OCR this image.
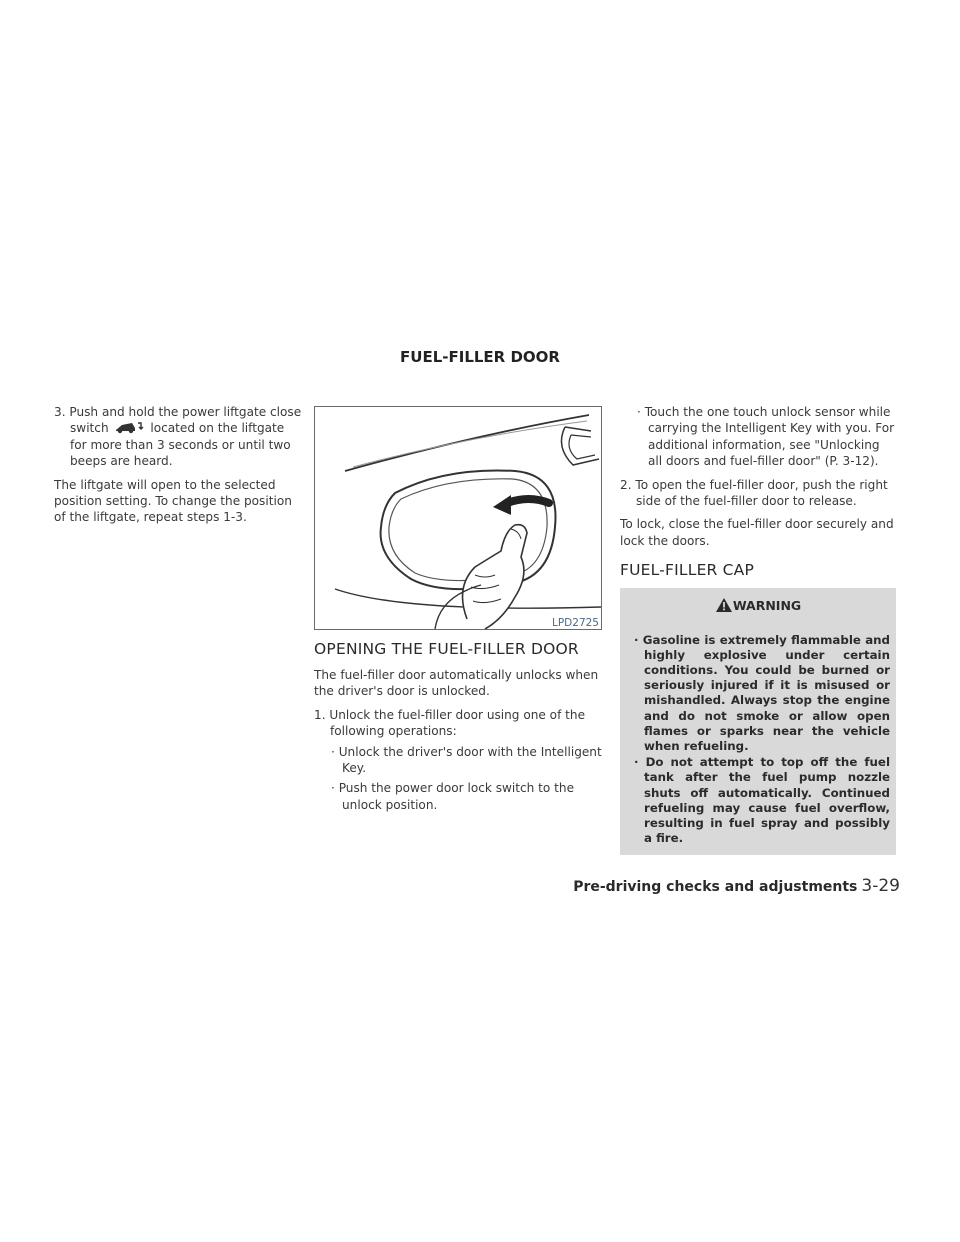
FUEL-FILLER DOOR

3. Push and hold the power liftgate close switch	located on the liftgate for more than 3 seconds or until two beeps are heard.

The liftgate will open to the selected position setting. To change the position of the liftgate, repeat steps 1-3.

LPD2725
OPENING THE FUEL-FILLER DOOR

The fuel-filler door automatically unlocks when the driver's door is unlocked.

1. Unlock the fuel-filler door using one of the following operations:

· Unlock the driver's door with the Intelligent Key.

· Push the power door lock switch to the unlock position.

· Touch the one touch unlock sensor while carrying the Intelligent Key with you. For additional information, see "Unlocking all doors and fuel-filler door" (P. 3-12).

2. To open the fuel-filler door, push the right side of the fuel-filler door to release.

To lock, close the fuel-filler door securely and lock the doors.

FUEL-FILLER CAP
WARNING

· Gasoline is extremely flammable and highly explosive under certain conditions. You could be burned or seriously injured if it is misused or mishandled. Always stop the engine and do not smoke or allow open flames or sparks near the vehicle when refueling.

· Do not attempt to top off the fuel tank after the fuel pump nozzle shuts off automatically. Continued refueling may cause fuel overflow, resulting in fuel spray and possibly a fire.

Pre-driving checks and adjustments 3-29
